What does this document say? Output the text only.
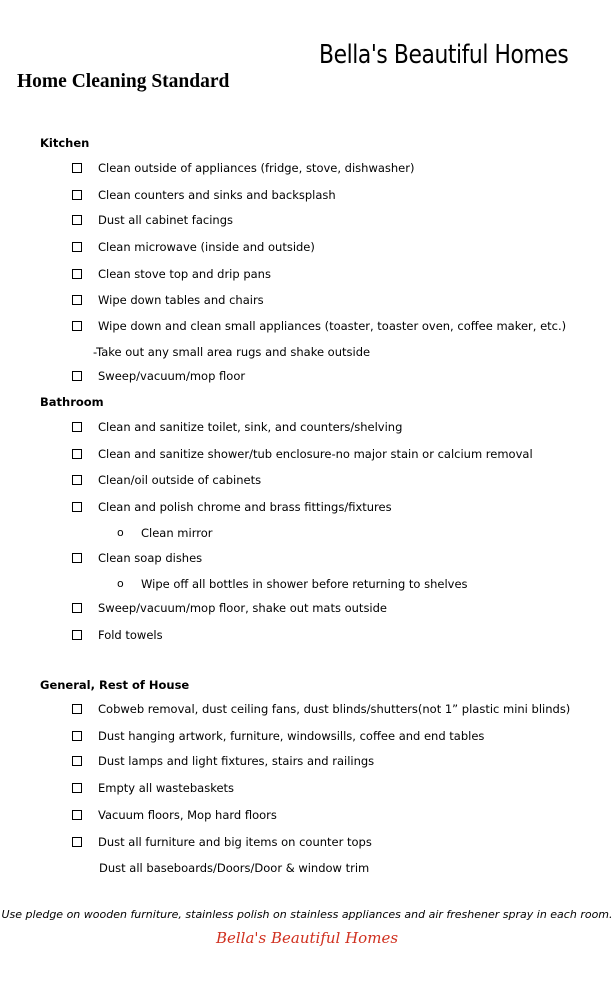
Bella's Beautiful Homes
Home Cleaning Standard
Kitchen
Clean outside of appliances (fridge, stove, dishwasher)
Clean counters and sinks and backsplash
Dust all cabinet facings
Clean microwave (inside and outside)
Clean stove top and drip pans
Wipe down tables and chairs
Wipe down and clean small appliances (toaster, toaster oven, coffee maker, etc.)
-Take out any small area rugs and shake outside
Sweep/vacuum/mop floor
Bathroom
Clean and sanitize toilet, sink, and counters/shelving
Clean and sanitize shower/tub enclosure-no major stain or calcium removal
Clean/oil outside of cabinets
Clean and polish chrome and brass fittings/fixtures
o Clean mirror
Clean soap dishes
o Wipe off all bottles in shower before returning to shelves
Sweep/vacuum/mop floor, shake out mats outside
Fold towels
General, Rest of House
Cobweb removal, dust ceiling fans, dust blinds/shutters(not 1” plastic mini blinds)
Dust hanging artwork, furniture, windowsills, coffee and end tables
Dust lamps and light fixtures, stairs and railings
Empty all wastebaskets
Vacuum floors, Mop hard floors
Dust all furniture and big items on counter tops
Dust all baseboards/Doors/Door & window trim
Use pledge on wooden furniture, stainless polish on stainless appliances and air freshener spray in each room.
Bella's Beautiful Homes
